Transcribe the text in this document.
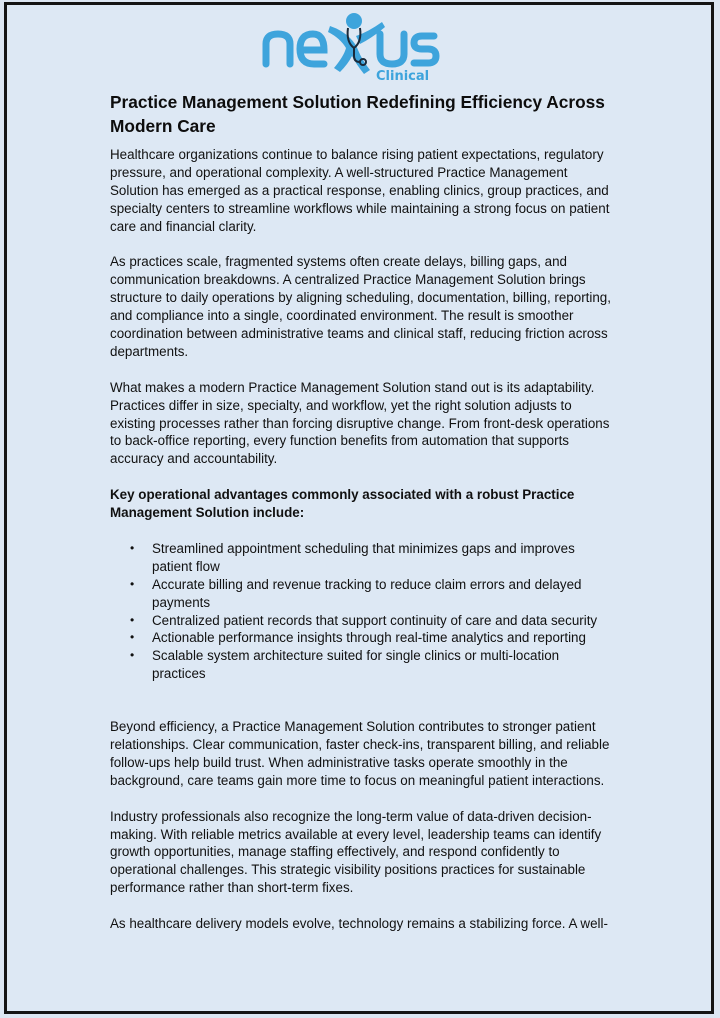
Clinical
Practice Management Solution Redefining Efficiency Across Modern Care

Healthcare organizations continue to balance rising patient expectations, regulatory pressure, and operational complexity. A well-structured Practice Management Solution has emerged as a practical response, enabling clinics, group practices, and specialty centers to streamline workflows while maintaining a strong focus on patient care and financial clarity.

As practices scale, fragmented systems often create delays, billing gaps, and communication breakdowns. A centralized Practice Management Solution brings structure to daily operations by aligning scheduling, documentation, billing, reporting, and compliance into a single, coordinated environment. The result is smoother coordination between administrative teams and clinical staff, reducing friction across departments.

What makes a modern Practice Management Solution stand out is its adaptability. Practices differ in size, specialty, and workflow, yet the right solution adjusts to existing processes rather than forcing disruptive change. From front-desk operations to back-office reporting, every function benefits from automation that supports accuracy and accountability.

Key operational advantages commonly associated with a robust Practice Management Solution include:

• Streamlined appointment scheduling that minimizes gaps and improves patient flow
• Accurate billing and revenue tracking to reduce claim errors and delayed payments
• Centralized patient records that support continuity of care and data security
• Actionable performance insights through real-time analytics and reporting
• Scalable system architecture suited for single clinics or multi-location practices

Beyond efficiency, a Practice Management Solution contributes to stronger patient relationships. Clear communication, faster check-ins, transparent billing, and reliable follow-ups help build trust. When administrative tasks operate smoothly in the background, care teams gain more time to focus on meaningful patient interactions.

Industry professionals also recognize the long-term value of data-driven decision-making. With reliable metrics available at every level, leadership teams can identify growth opportunities, manage staffing effectively, and respond confidently to operational challenges. This strategic visibility positions practices for sustainable performance rather than short-term fixes.

As healthcare delivery models evolve, technology remains a stabilizing force. A well-
